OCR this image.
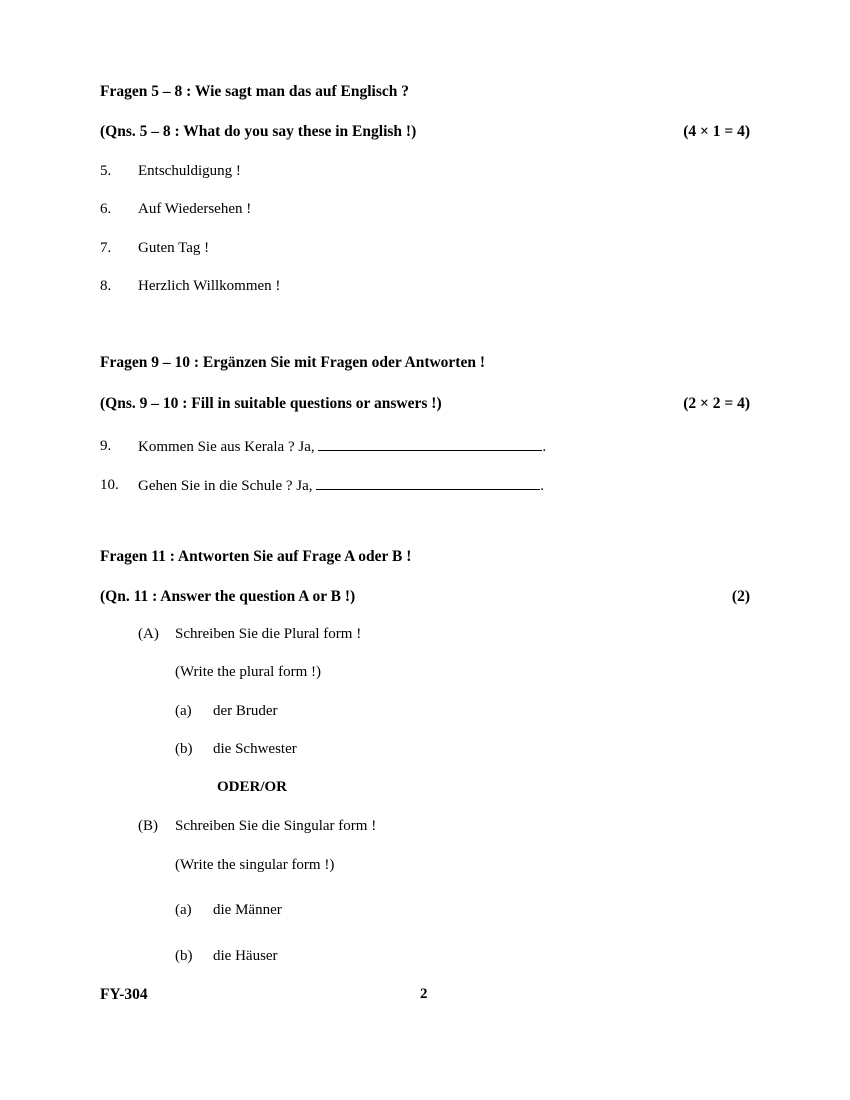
Fragen 5 – 8 : Wie sagt man das auf Englisch ?
(Qns. 5 – 8 : What do you say these in English !)	(4 × 1 = 4)
5. Entschuldigung !
6. Auf Wiedersehen !
7. Guten Tag !
8. Herzlich Willkommen !
Fragen 9 – 10 : Ergänzen Sie mit Fragen oder Antworten !
(Qns. 9 – 10 : Fill in suitable questions or answers !)	(2 × 2 = 4)
9. Kommen Sie aus Kerala ? Ja,	.
10. Gehen Sie in die Schule ? Ja,	.
Fragen 11 : Antworten Sie auf Frage A oder B !
(Qn. 11 : Answer the question A or B !)	(2)
(A) Schreiben Sie die Plural form !
(Write the plural form !)
(a) der Bruder
(b) die Schwester
ODER/OR
(B) Schreiben Sie die Singular form !
(Write the singular form !)
(a) die Männer
(b) die Häuser
FY-304	2
